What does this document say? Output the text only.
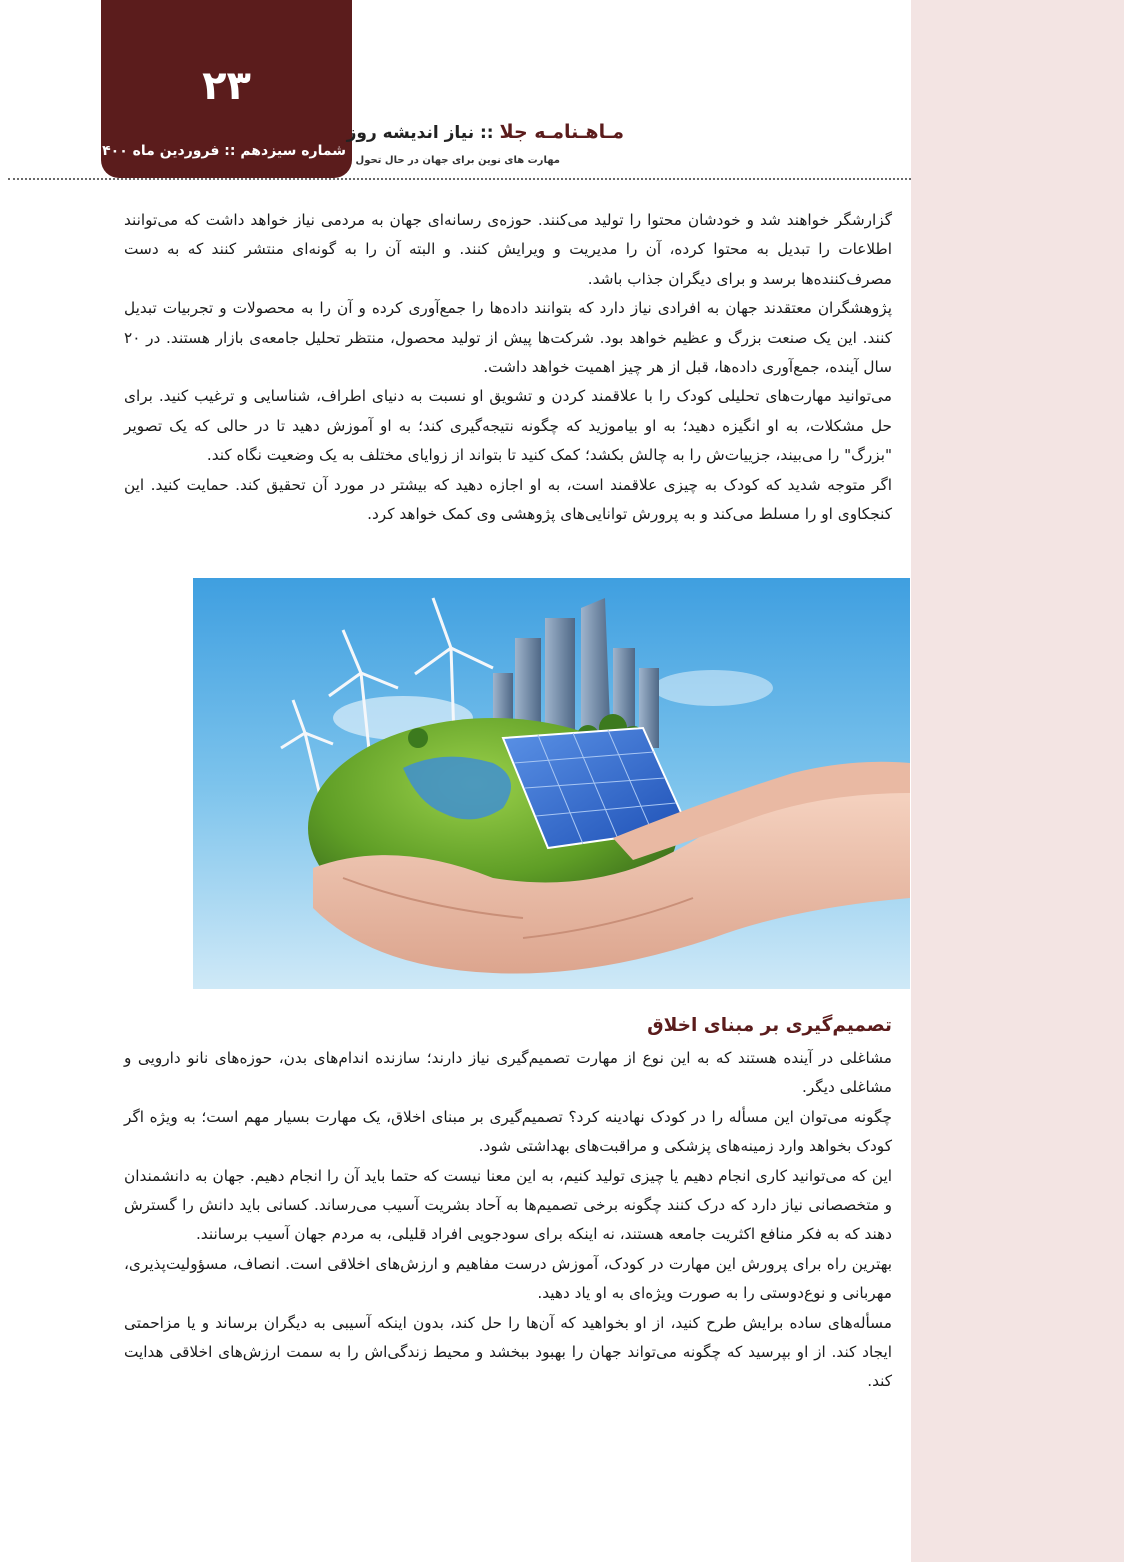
۲۳
شماره سیزدهم :: فروردین ماه ۱۴۰۰
مـاهـنامـه جلا :: نیاز اندیشه روز
مهارت های نوین برای جهان در حال تحول

گزارشگر خواهند شد و خودشان محتوا را تولید می‌کنند. حوزه‌ی رسانه‌ای جهان به مردمی نیاز خواهد داشت که می‌توانند اطلاعات را تبدیل به محتوا کرده، آن را مدیریت و ویرایش کنند. و البته آن را به گونه‌ای منتشر کنند که به دست مصرف‌کننده‌ها برسد و برای دیگران جذاب باشد.

پژوهشگران معتقدند جهان به افرادی نیاز دارد که بتوانند داده‌ها را جمع‌آوری کرده و آن را به محصولات و تجربیات تبدیل کنند. این یک صنعت بزرگ و عظیم خواهد بود. شرکت‌ها پیش از تولید محصول، منتظر تحلیل جامعه‌ی بازار هستند. در ۲۰ سال آینده، جمع‌آوری داده‌ها، قبل از هر چیز اهمیت خواهد داشت.

می‌توانید مهارت‌های تحلیلی کودک را با علاقمند کردن و تشویق او نسبت به دنیای اطراف، شناسایی و ترغیب کنید. برای حل مشکلات، به او انگیزه دهید؛ به او بیاموزید که چگونه نتیجه‌گیری کند؛ به او آموزش دهید تا در حالی که یک تصویر "بزرگ" را می‌بیند، جزییات‌ش را به چالش بکشد؛ کمک کنید تا بتواند از زوایای مختلف به یک وضعیت نگاه کند.

اگر متوجه شدید که کودک به چیزی علاقمند است، به او اجازه دهید که بیشتر در مورد آن تحقیق کند. حمایت کنید. این کنجکاوی او را مسلط می‌کند و به پرورش توانایی‌های پژوهشی وی کمک خواهد کرد.

تصمیم‌گیری بر مبنای اخلاق

مشاغلی در آینده هستند که به این نوع از مهارت تصمیم‌گیری نیاز دارند؛ سازنده اندام‌های بدن، حوزه‌های نانو دارویی و مشاغلی دیگر.

چگونه می‌توان این مسأله را در کودک نهادینه کرد؟ تصمیم‌گیری بر مبنای اخلاق، یک مهارت بسیار مهم است؛ به ویژه اگر کودک بخواهد وارد زمینه‌های پزشکی و مراقبت‌های بهداشتی شود.

این که می‌توانید کاری انجام دهیم یا چیزی تولید کنیم، به این معنا نیست که حتما باید آن را انجام دهیم. جهان به دانشمندان و متخصصانی نیاز دارد که درک کنند چگونه برخی تصمیم‌ها به آحاد بشریت آسیب می‌رساند. کسانی باید دانش را گسترش دهند که به فکر منافع اکثریت جامعه هستند، نه اینکه برای سودجویی افراد قلیلی، به مردم جهان آسیب برسانند.

بهترین راه برای پرورش این مهارت در کودک، آموزش درست مفاهیم و ارزش‌های اخلاقی است. انصاف، مسؤولیت‌پذیری، مهربانی و نوع‌دوستی را به صورت ویژه‌ای به او یاد دهید.

مسأله‌های ساده برایش طرح کنید، از او بخواهید که آن‌ها را حل کند، بدون اینکه آسیبی به دیگران برساند و یا مزاحمتی ایجاد کند. از او بپرسید که چگونه می‌تواند جهان را بهبود ببخشد و محیط زندگی‌اش را به سمت ارزش‌های اخلاقی هدایت کند.
